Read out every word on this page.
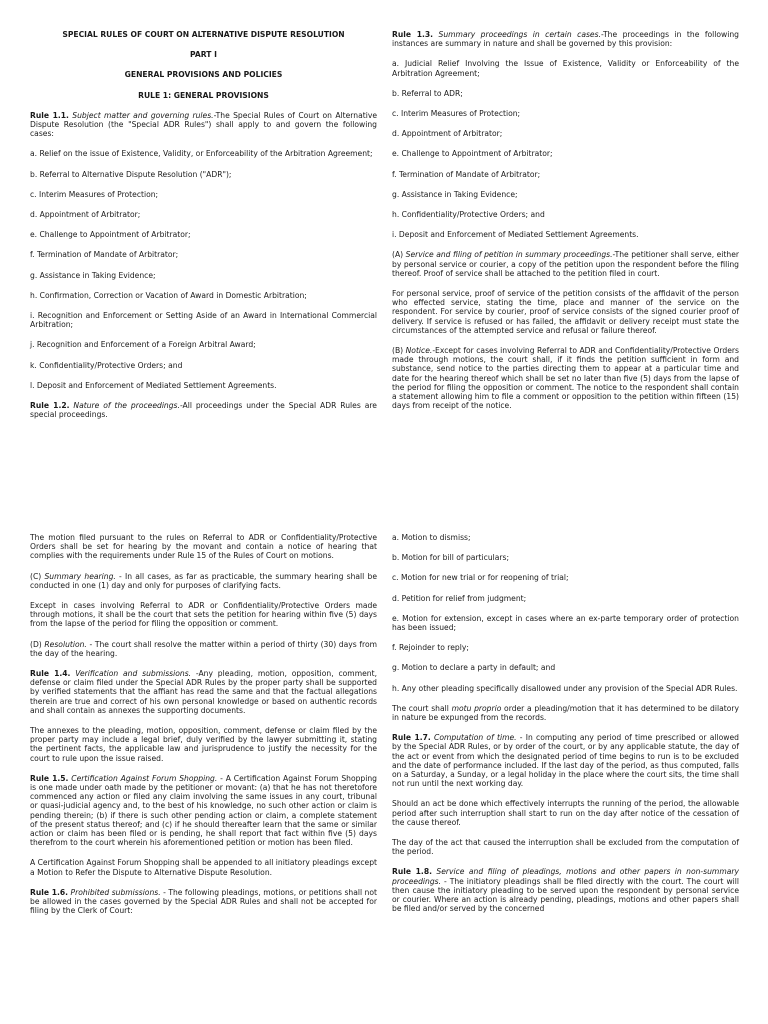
SPECIAL RULES OF COURT ON ALTERNATIVE DISPUTE RESOLUTION

PART I

GENERAL PROVISIONS AND POLICIES

RULE 1: GENERAL PROVISIONS

Rule 1.1. Subject matter and governing rules.-The Special Rules of Court on Alternative Dispute Resolution (the "Special ADR Rules") shall apply to and govern the following cases:

a. Relief on the issue of Existence, Validity, or Enforceability of the Arbitration Agreement;

b. Referral to Alternative Dispute Resolution ("ADR");

c. Interim Measures of Protection;

d. Appointment of Arbitrator;

e. Challenge to Appointment of Arbitrator;

f. Termination of Mandate of Arbitrator;

g. Assistance in Taking Evidence;

h. Confirmation, Correction or Vacation of Award in Domestic Arbitration;

i. Recognition and Enforcement or Setting Aside of an Award in International Commercial Arbitration;

j. Recognition and Enforcement of a Foreign Arbitral Award;

k. Confidentiality/Protective Orders; and

l. Deposit and Enforcement of Mediated Settlement Agreements.

Rule 1.2. Nature of the proceedings.-All proceedings under the Special ADR Rules are special proceedings.

Rule 1.3. Summary proceedings in certain cases.-The proceedings in the following instances are summary in nature and shall be governed by this provision:

a. Judicial Relief Involving the Issue of Existence, Validity or Enforceability of the Arbitration Agreement;

b. Referral to ADR;

c. Interim Measures of Protection;

d. Appointment of Arbitrator;

e. Challenge to Appointment of Arbitrator;

f. Termination of Mandate of Arbitrator;

g. Assistance in Taking Evidence;

h. Confidentiality/Protective Orders; and

i. Deposit and Enforcement of Mediated Settlement Agreements.

(A) Service and filing of petition in summary proceedings.-The petitioner shall serve, either by personal service or courier, a copy of the petition upon the respondent before the filing thereof. Proof of service shall be attached to the petition filed in court.

For personal service, proof of service of the petition consists of the affidavit of the person who effected service, stating the time, place and manner of the service on the respondent. For service by courier, proof of service consists of the signed courier proof of delivery. If service is refused or has failed, the affidavit or delivery receipt must state the circumstances of the attempted service and refusal or failure thereof.

(B) Notice.-Except for cases involving Referral to ADR and Confidentiality/Protective Orders made through motions, the court shall, if it finds the petition sufficient in form and substance, send notice to the parties directing them to appear at a particular time and date for the hearing thereof which shall be set no later than five (5) days from the lapse of the period for filing the opposition or comment. The notice to the respondent shall contain a statement allowing him to file a comment or opposition to the petition within fifteen (15) days from receipt of the notice.

The motion filed pursuant to the rules on Referral to ADR or Confidentiality/Protective Orders shall be set for hearing by the movant and contain a notice of hearing that complies with the requirements under Rule 15 of the Rules of Court on motions.

(C) Summary hearing. - In all cases, as far as practicable, the summary hearing shall be conducted in one (1) day and only for purposes of clarifying facts.

Except in cases involving Referral to ADR or Confidentiality/Protective Orders made through motions, it shall be the court that sets the petition for hearing within five (5) days from the lapse of the period for filing the opposition or comment.

(D) Resolution. - The court shall resolve the matter within a period of thirty (30) days from the day of the hearing.

Rule 1.4. Verification and submissions. -Any pleading, motion, opposition, comment, defense or claim filed under the Special ADR Rules by the proper party shall be supported by verified statements that the affiant has read the same and that the factual allegations therein are true and correct of his own personal knowledge or based on authentic records and shall contain as annexes the supporting documents.

The annexes to the pleading, motion, opposition, comment, defense or claim filed by the proper party may include a legal brief, duly verified by the lawyer submitting it, stating the pertinent facts, the applicable law and jurisprudence to justify the necessity for the court to rule upon the issue raised.

Rule 1.5. Certification Against Forum Shopping. - A Certification Against Forum Shopping is one made under oath made by the petitioner or movant: (a) that he has not theretofore commenced any action or filed any claim involving the same issues in any court, tribunal or quasi-judicial agency and, to the best of his knowledge, no such other action or claim is pending therein; (b) if there is such other pending action or claim, a complete statement of the present status thereof; and (c) if he should thereafter learn that the same or similar action or claim has been filed or is pending, he shall report that fact within five (5) days therefrom to the court wherein his aforementioned petition or motion has been filed.

A Certification Against Forum Shopping shall be appended to all initiatory pleadings except a Motion to Refer the Dispute to Alternative Dispute Resolution.

Rule 1.6. Prohibited submissions. - The following pleadings, motions, or petitions shall not be allowed in the cases governed by the Special ADR Rules and shall not be accepted for filing by the Clerk of Court:

a. Motion to dismiss;

b. Motion for bill of particulars;

c. Motion for new trial or for reopening of trial;

d. Petition for relief from judgment;

e. Motion for extension, except in cases where an ex-parte temporary order of protection has been issued;

f. Rejoinder to reply;

g. Motion to declare a party in default; and

h. Any other pleading specifically disallowed under any provision of the Special ADR Rules.

The court shall motu proprio order a pleading/motion that it has determined to be dilatory in nature be expunged from the records.

Rule 1.7. Computation of time. - In computing any period of time prescribed or allowed by the Special ADR Rules, or by order of the court, or by any applicable statute, the day of the act or event from which the designated period of time begins to run is to be excluded and the date of performance included. If the last day of the period, as thus computed, falls on a Saturday, a Sunday, or a legal holiday in the place where the court sits, the time shall not run until the next working day.

Should an act be done which effectively interrupts the running of the period, the allowable period after such interruption shall start to run on the day after notice of the cessation of the cause thereof.

The day of the act that caused the interruption shall be excluded from the computation of the period.

Rule 1.8. Service and filing of pleadings, motions and other papers in non-summary proceedings. - The initiatory pleadings shall be filed directly with the court. The court will then cause the initiatory pleading to be served upon the respondent by personal service or courier. Where an action is already pending, pleadings, motions and other papers shall be filed and/or served by the concerned
